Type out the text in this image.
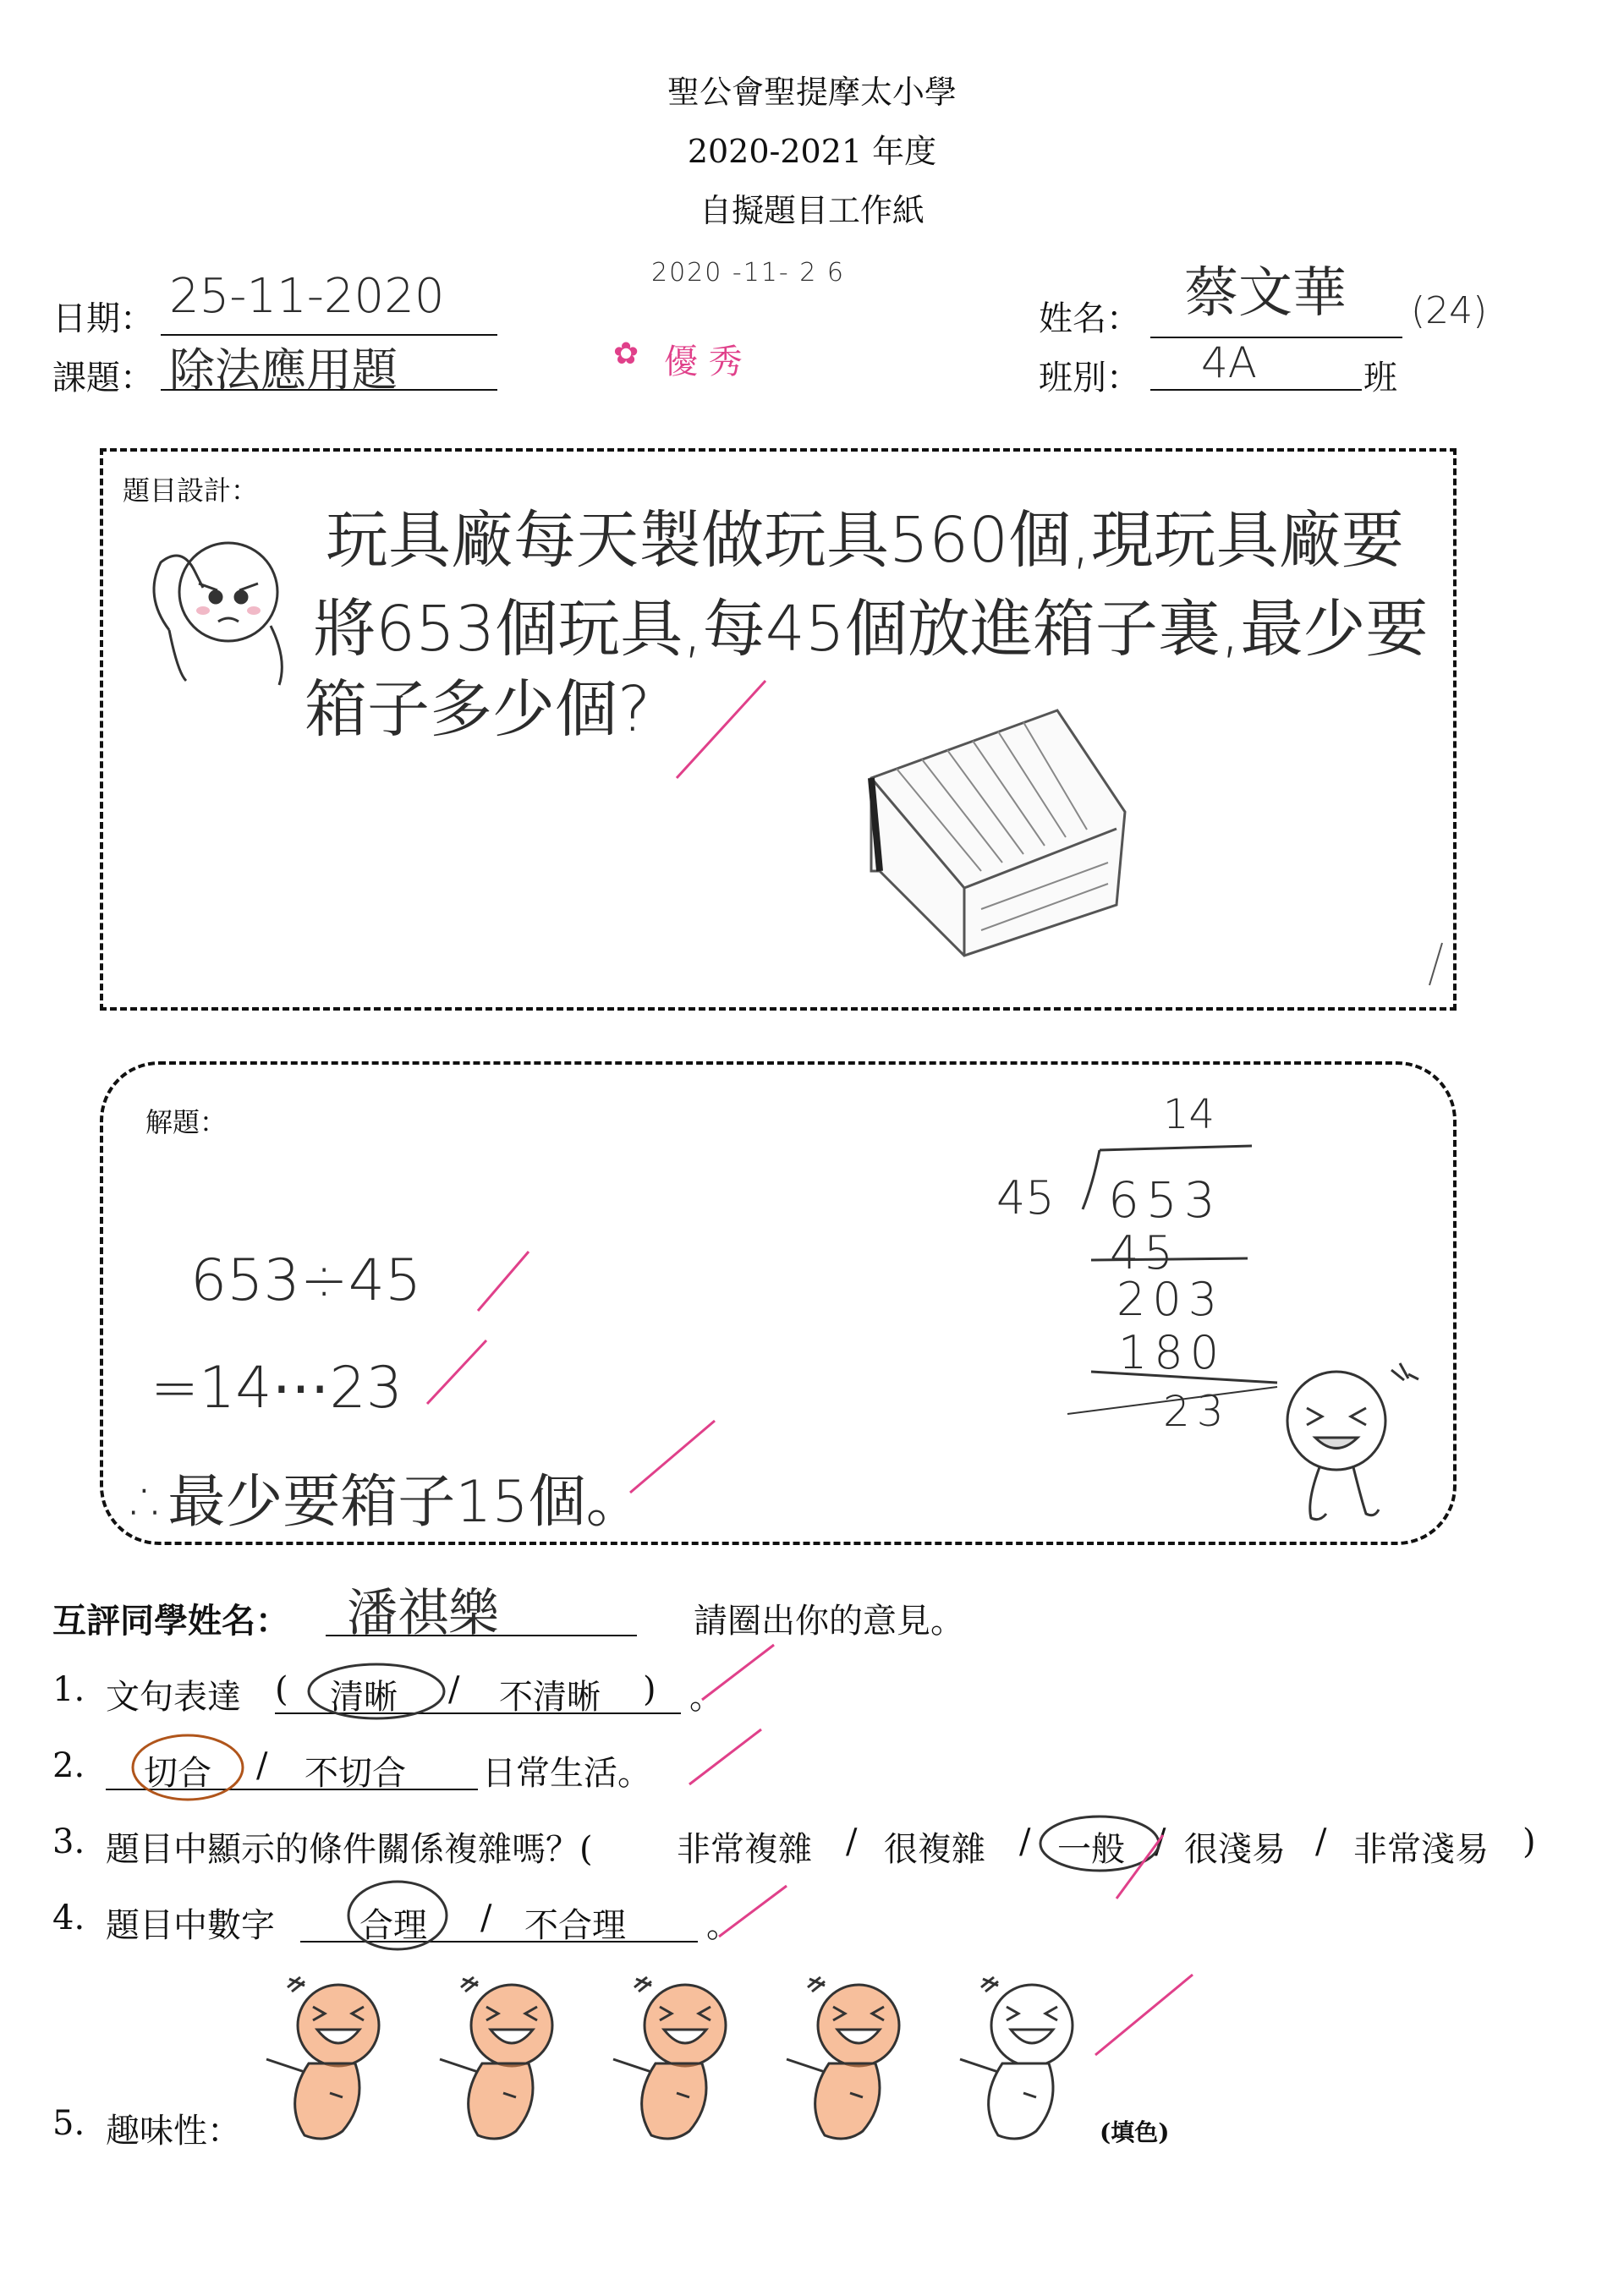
聖公會聖提摩太小學
2020-2021 年度
自擬題目工作紙
日期： 25-11-2020
課題： 除法應用題
2020 -11- 2 6
✿ 優 秀
姓名： 蔡文華 (24)
班別： 4A	班
題目設計：
玩具廠每天製做玩具560個,現玩具廠要
將653個玩具,每45個放進箱子裏,最少要
箱子多少個?
解題：
653÷45
=14⋯23
∴最少要箱子15個。
14
45 653
45
203
180
23
互評同學姓名： 潘祺樂	請圈出你的意見。
1. 文句表達 ( 清晰 / 不清晰 ) 。
2. 切合 / 不切合 日常生活。
3. 題目中顯示的條件關係複雜嗎？( 非常複雜 / 很複雜 / 一般 / 很淺易 / 非常淺易 )
4. 題目中數字	合理 / 不合理 。
5. 趣味性：	(填色)
